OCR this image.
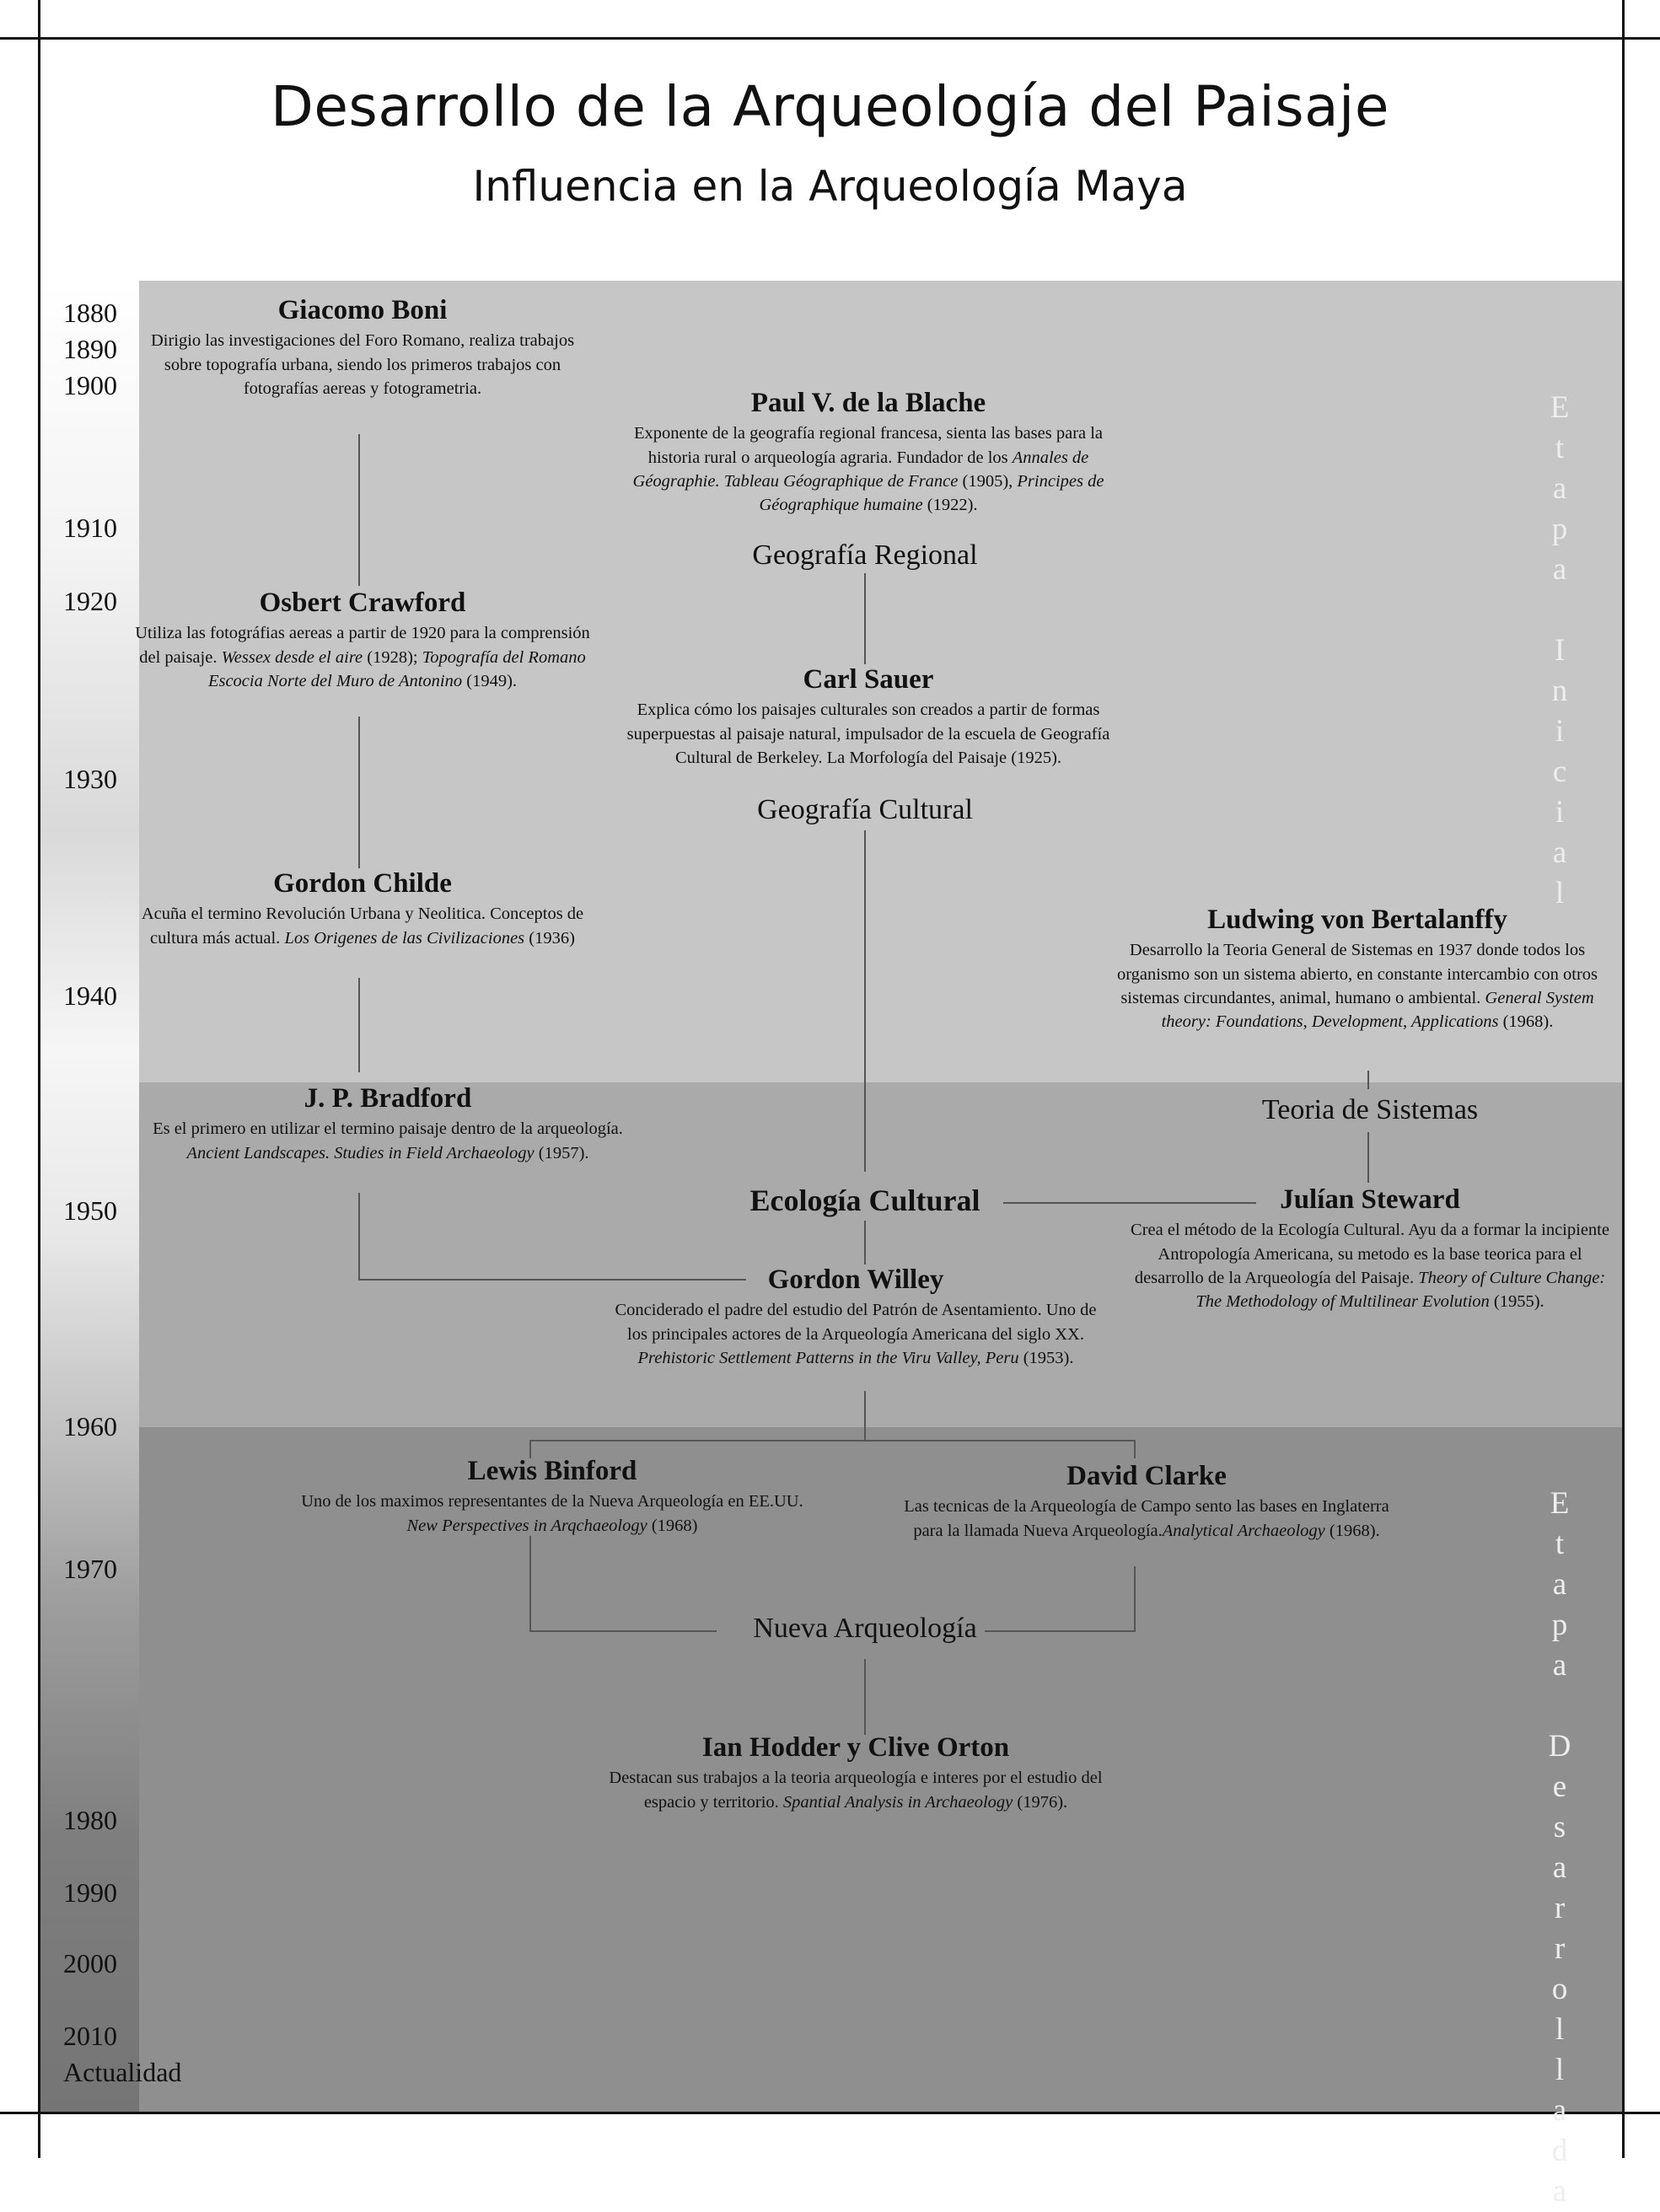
Desarrollo de la Arqueología del Paisaje
Influencia en la Arqueología Maya
1880
1890
1900
1910
1920
1930
1940
1950
1960
1970
1980
1990
2000
2010
Actualidad
Giacomo Boni
Dirigio las investigaciones del Foro Romano, realiza trabajos sobre topografía urbana, siendo los primeros trabajos con fotografías aereas y fotogrametria.	Paul V. de la Blache
Exponente de la geografía regional francesa, sienta las bases para la historia rural o arqueología agraria. Fundador de los Annales de Géographie. Tableau Géographique de France (1905), Principes de Géographique humaine (1922).
Geografía Regional
Osbert Crawford
Utiliza las fotográfias aereas a partir de 1920 para la comprensión del paisaje. Wessex desde el aire (1928); Topografía del Romano Escocia Norte del Muro de Antonino (1949).	Carl Sauer
Explica cómo los paisajes culturales son creados a partir de formas superpuestas al paisaje natural, impulsador de la escuela de Geografía Cultural de Berkeley. La Morfología del Paisaje (1925).
Geografía Cultural
Gordon Childe
Acuña el termino Revolución Urbana y Neolitica. Conceptos de cultura más actual. Los Origenes de las Civilizaciones (1936)
Ludwing von Bertalanffy
Desarrollo la Teoria General de Sistemas en 1937 donde todos los organismo son un sistema abierto, en constante intercambio con otros sistemas circundantes, animal, humano o ambiental. General System theory: Foundations, Development, Applications (1968).
J. P. Bradford
Es el primero en utilizar el termino paisaje dentro de la arqueología. Ancient Landscapes. Studies in Field Archaeology (1957).
Teoria de Sistemas
Ecología Cultural	Julían Steward
Crea el método de la Ecología Cultural. Ayu da a formar la incipiente Antropología Americana, su metodo es la base teorica para el desarrollo de la Arqueología del Paisaje. Theory of Culture Change: The Methodology of Multilinear Evolution (1955).
Gordon Willey
Conciderado el padre del estudio del Patrón de Asentamiento. Uno de los principales actores de la Arqueología Americana del siglo XX. Prehistoric Settlement Patterns in the Viru Valley, Peru (1953).
Lewis Binford
Uno de los maximos representantes de la Nueva Arqueología en EE.UU. New Perspectives in Arqchaeology (1968)
David Clarke
Las tecnicas de la Arqueología de Campo sento las bases en Inglaterra para la llamada Nueva Arqueología.Analytical Archaeology (1968).
Nueva Arqueología
Ian Hodder y Clive Orton
Destacan sus trabajos a la teoria arqueología e interes por el estudio del espacio y territorio. Spantial Analysis in Archaeology (1976).
E
t
a
p
a

I
n
i
c
i
a
l
E
t
a
p
a

D
e
s
a
r
r
o
l
l
a
d
a
